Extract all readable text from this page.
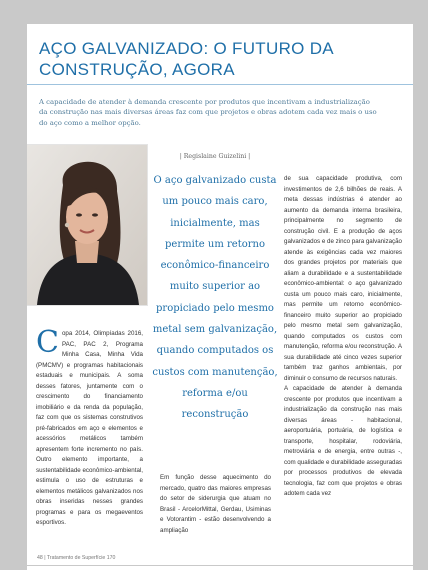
AÇO GALVANIZADO: O FUTURO DA CONSTRUÇÃO, AGORA

A capacidade de atender à demanda crescente por produtos que incentivam a industrialização da construção nas mais diversas áreas faz com que projetos e obras adotem cada vez mais o uso do aço como a melhor opção.

C opa 2014, Olimpíadas 2016, PAC, PAC 2, Programa Minha Casa, Minha Vida (PMCMV) e programas habitacionais estaduais e municipais. A soma desses fatores, juntamente com o crescimento do financiamento imobiliário e da renda da população, faz com que os sistemas construtivos pré-fabricados em aço e elementos e acessórios metálicos também apresentem forte incremento no país. Outro elemento importante, a sustentabilidade econômico-ambiental, estimula o uso de estruturas e elementos metálicos galvanizados nos obras inseridas nesses grandes programas e para os megaeventos esportivos.

| Regislaine Guizelini |

O aço galvanizado custa um pouco mais caro, inicialmente, mas permite um retorno econômico-financeiro muito superior ao propiciado pelo mesmo metal sem galvanização, quando computados os custos com manutenção, reforma e/ou reconstrução

Em função desse aquecimento do mercado, quatro das maiores empresas do setor de siderurgia que atuam no Brasil - ArcelorMittal, Gerdau, Usiminas e Votorantim - estão desenvolvendo a ampliação

de sua capacidade produtiva, com investimentos de 2,6 bilhões de reais. A meta dessas indústrias é atender ao aumento da demanda interna brasileira, principalmente no segmento de construção civil. E a produção de aços galvanizados e de zinco para galvanização atende às exigências cada vez maiores dos grandes projetos por materiais que aliam a durabilidade e a sustentabilidade econômico-ambiental: o aço galvanizado custa um pouco mais caro, inicialmente, mas permite um retorno econômico-financeiro muito superior ao propiciado pelo mesmo metal sem galvanização, quando computados os custos com manutenção, reforma e/ou reconstrução. A sua durabilidade até cinco vezes superior também traz ganhos ambientais, por diminuir o consumo de recursos naturais.

A capacidade de atender à demanda crescente por produtos que incentivam a industrialização da construção nas mais diversas áreas - habitacional, aeroportuária, portuária, de logística e transporte, hospitalar, rodoviária, metroviária e de energia, entre outras -, com qualidade e durabilidade asseguradas por processos produtivos de elevada tecnologia, faz com que projetos e obras adotem cada vez

48 | Tratamento de Superfície 170
